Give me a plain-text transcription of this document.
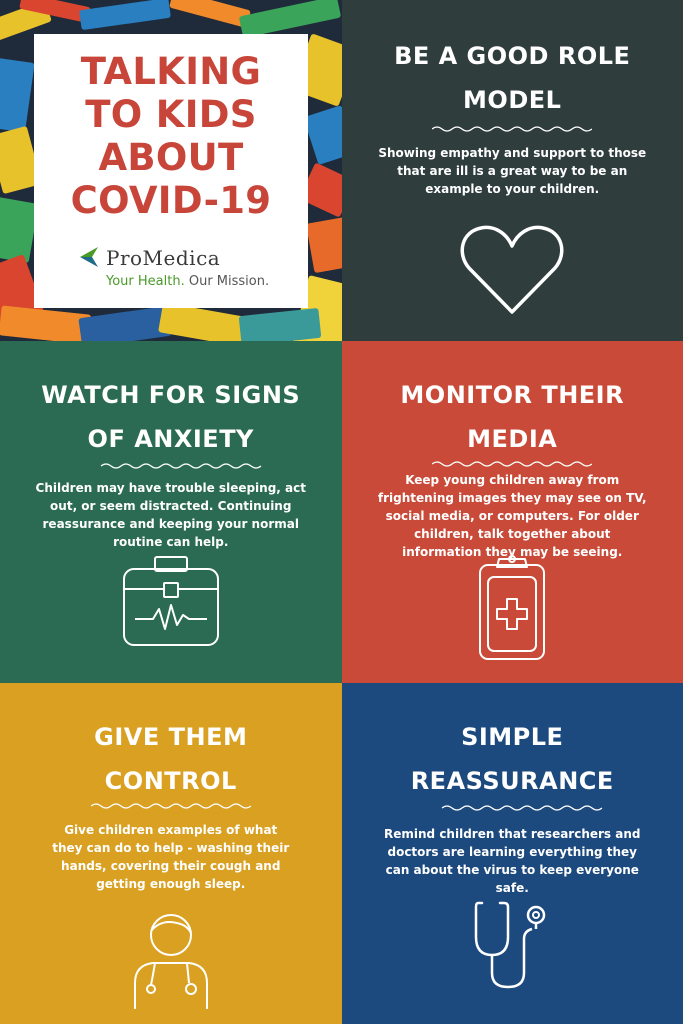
TALKING
TO KIDS
ABOUT
COVID-19
ProMedica
Your Health. Our Mission.
BE A GOOD ROLE MODEL
Showing empathy and support to those that are ill is a great way to be an example to your children.
WATCH FOR SIGNS OF ANXIETY
Children may have trouble sleeping, act out, or seem distracted. Continuing reassurance and keeping your normal routine can help.
MONITOR THEIR MEDIA
Keep young children away from frightening images they may see on TV, social media, or computers. For older children, talk together about information they may be seeing.
GIVE THEM CONTROL
Give children examples of what they can do to help - washing their hands, covering their cough and getting enough sleep.
SIMPLE REASSURANCE
Remind children that researchers and doctors are learning everything they can about the virus to keep everyone safe.
